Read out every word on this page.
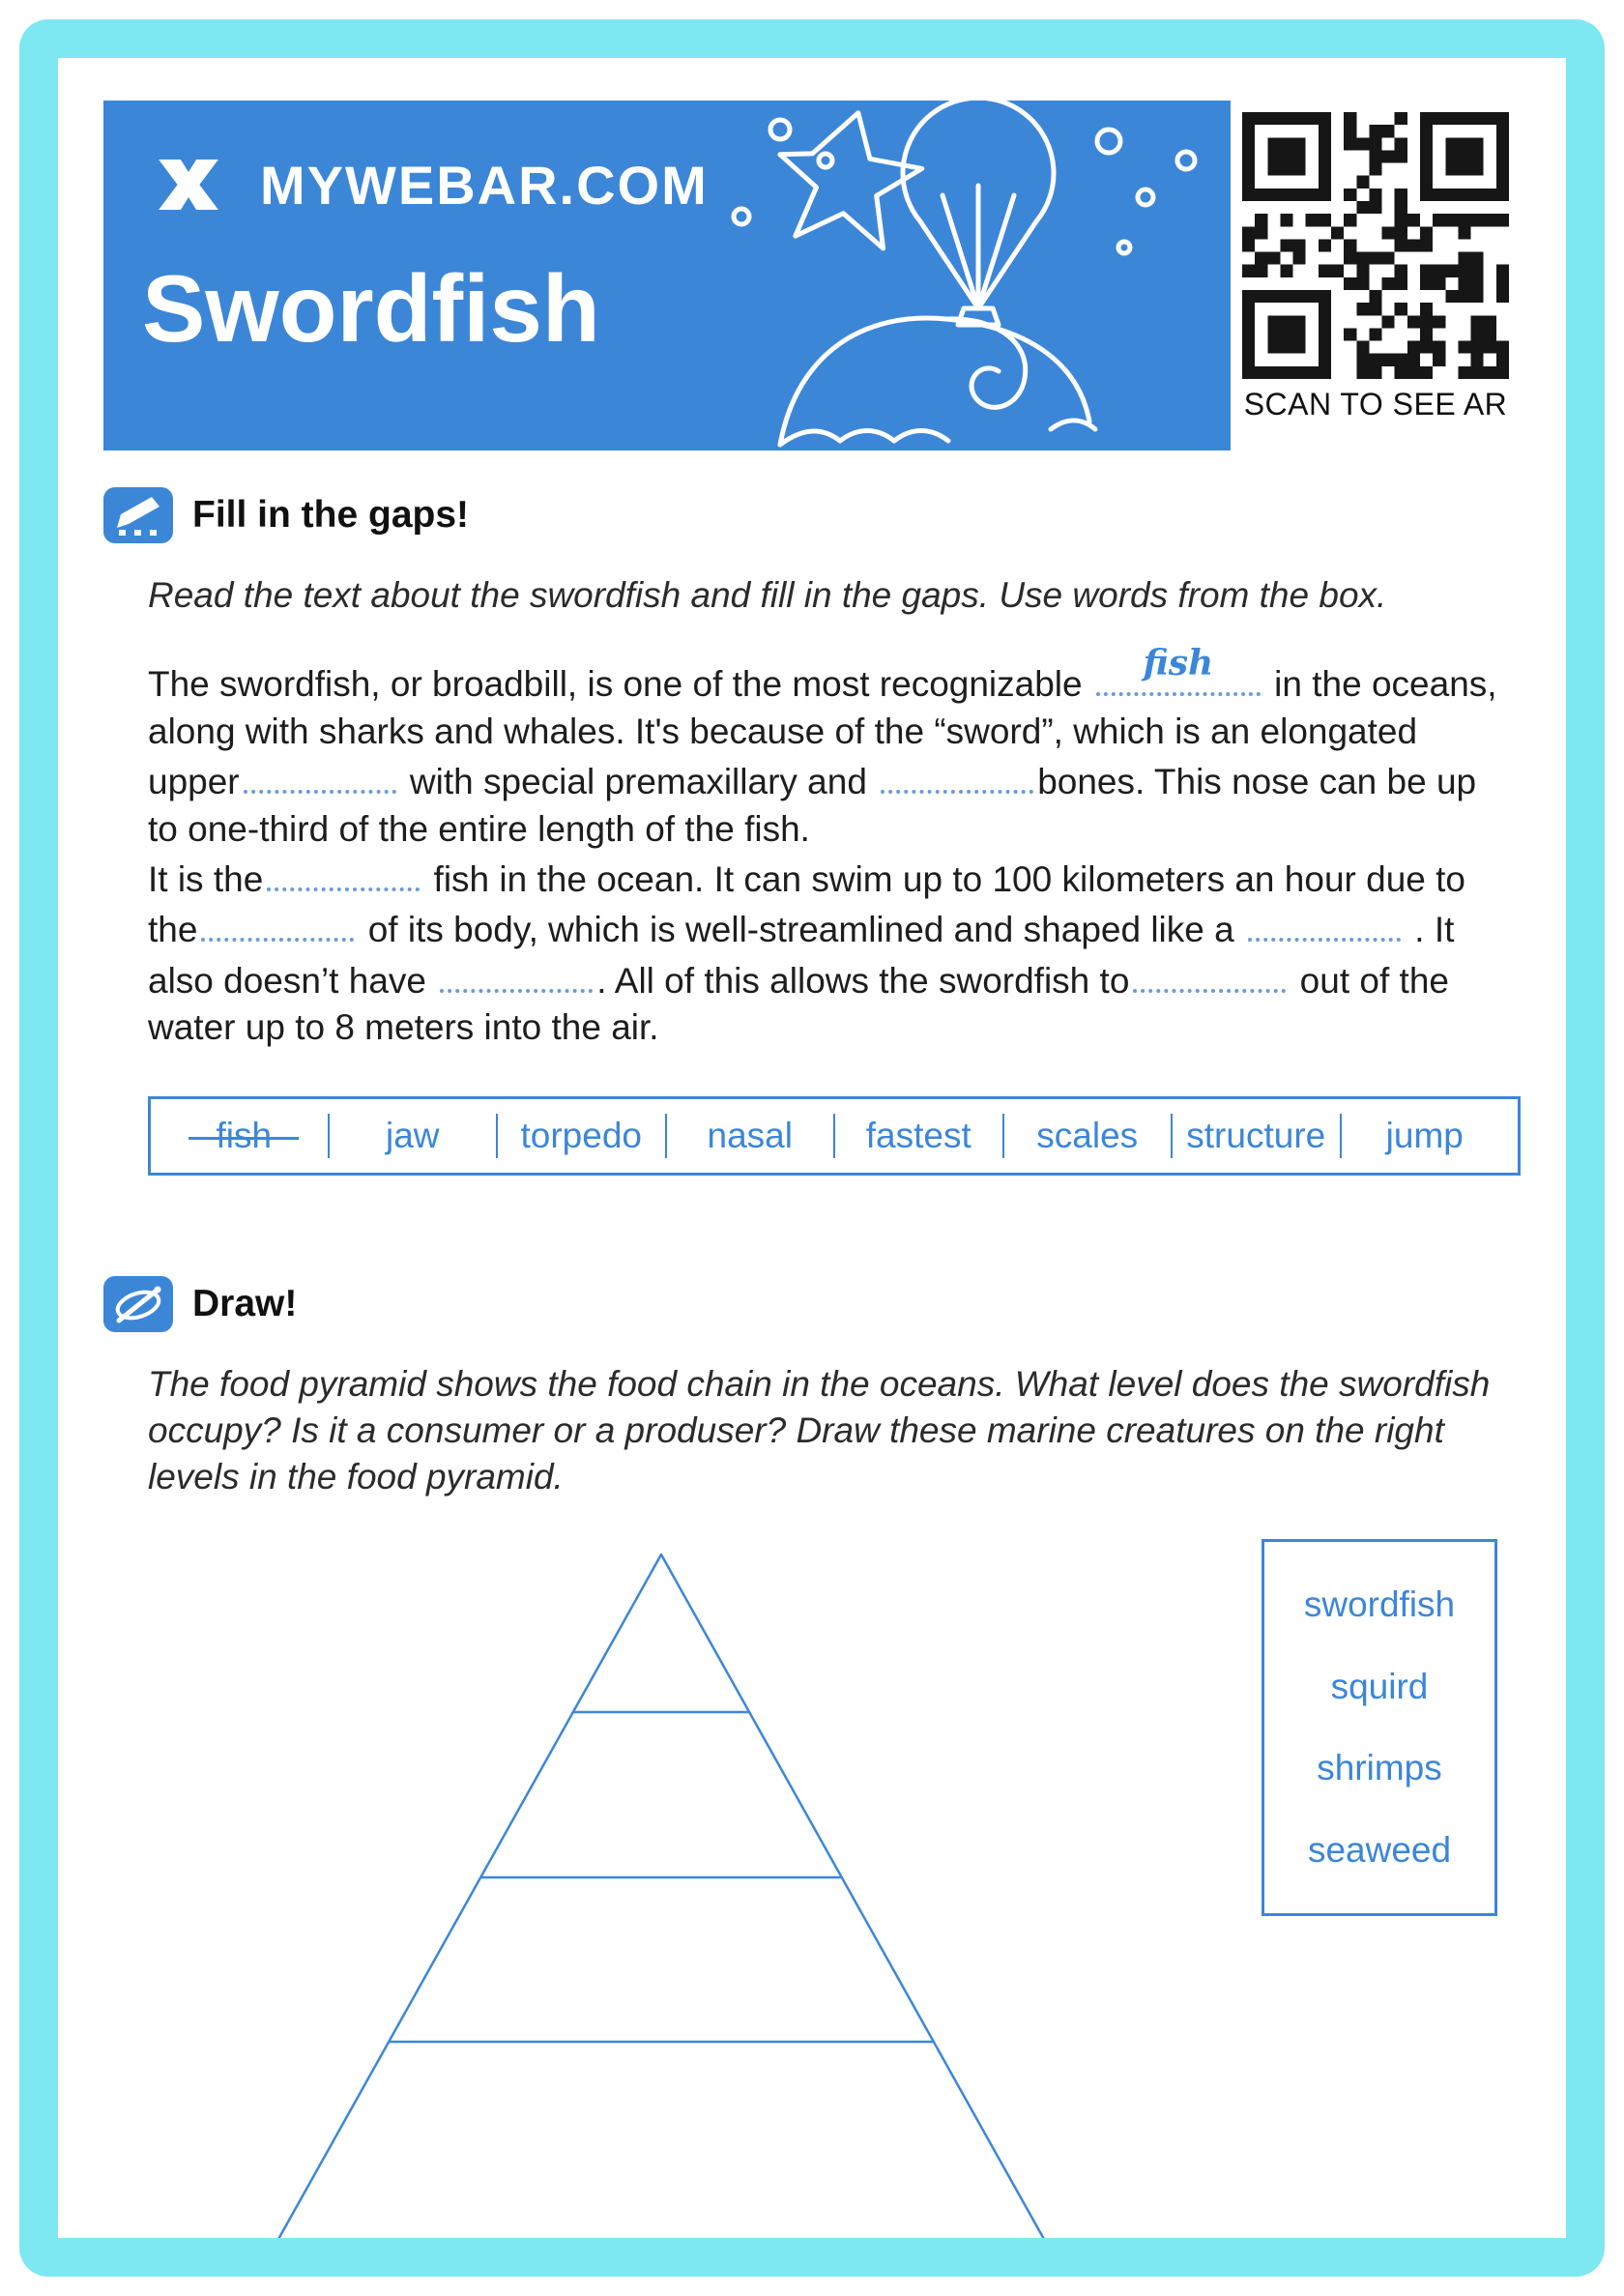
MYWEBAR.COM
Swordfish
SCAN TO SEE AR
Fill in the gaps!

Read the text about the swordfish and fill in the gaps. Use words from the box.

The swordfish, or broadbill, is one of the most recognizable
fish
in the oceans, along with sharks and whales. It's because of the “sword”, which is an elongated upper	with special premaxillary and	bones. This nose can be up to one-third of the entire length of the fish.

It is the	fish in the ocean. It can swim up to 100 kilometers an hour due to the	of its body, which is well-streamlined and shaped like a	. It also doesn’t have	. All of this allows the swordfish to	out of the water up to 8 meters into the air.

fish	jaw	torpedo	nasal	fastest	scales	structure	jump
Draw!

The food pyramid shows the food chain in the oceans. What level does the swordfish occupy? Is it a consumer or a produser? Draw these marine creatures on the right levels in the food pyramid.

swordfish
squird
shrimps
seaweed
